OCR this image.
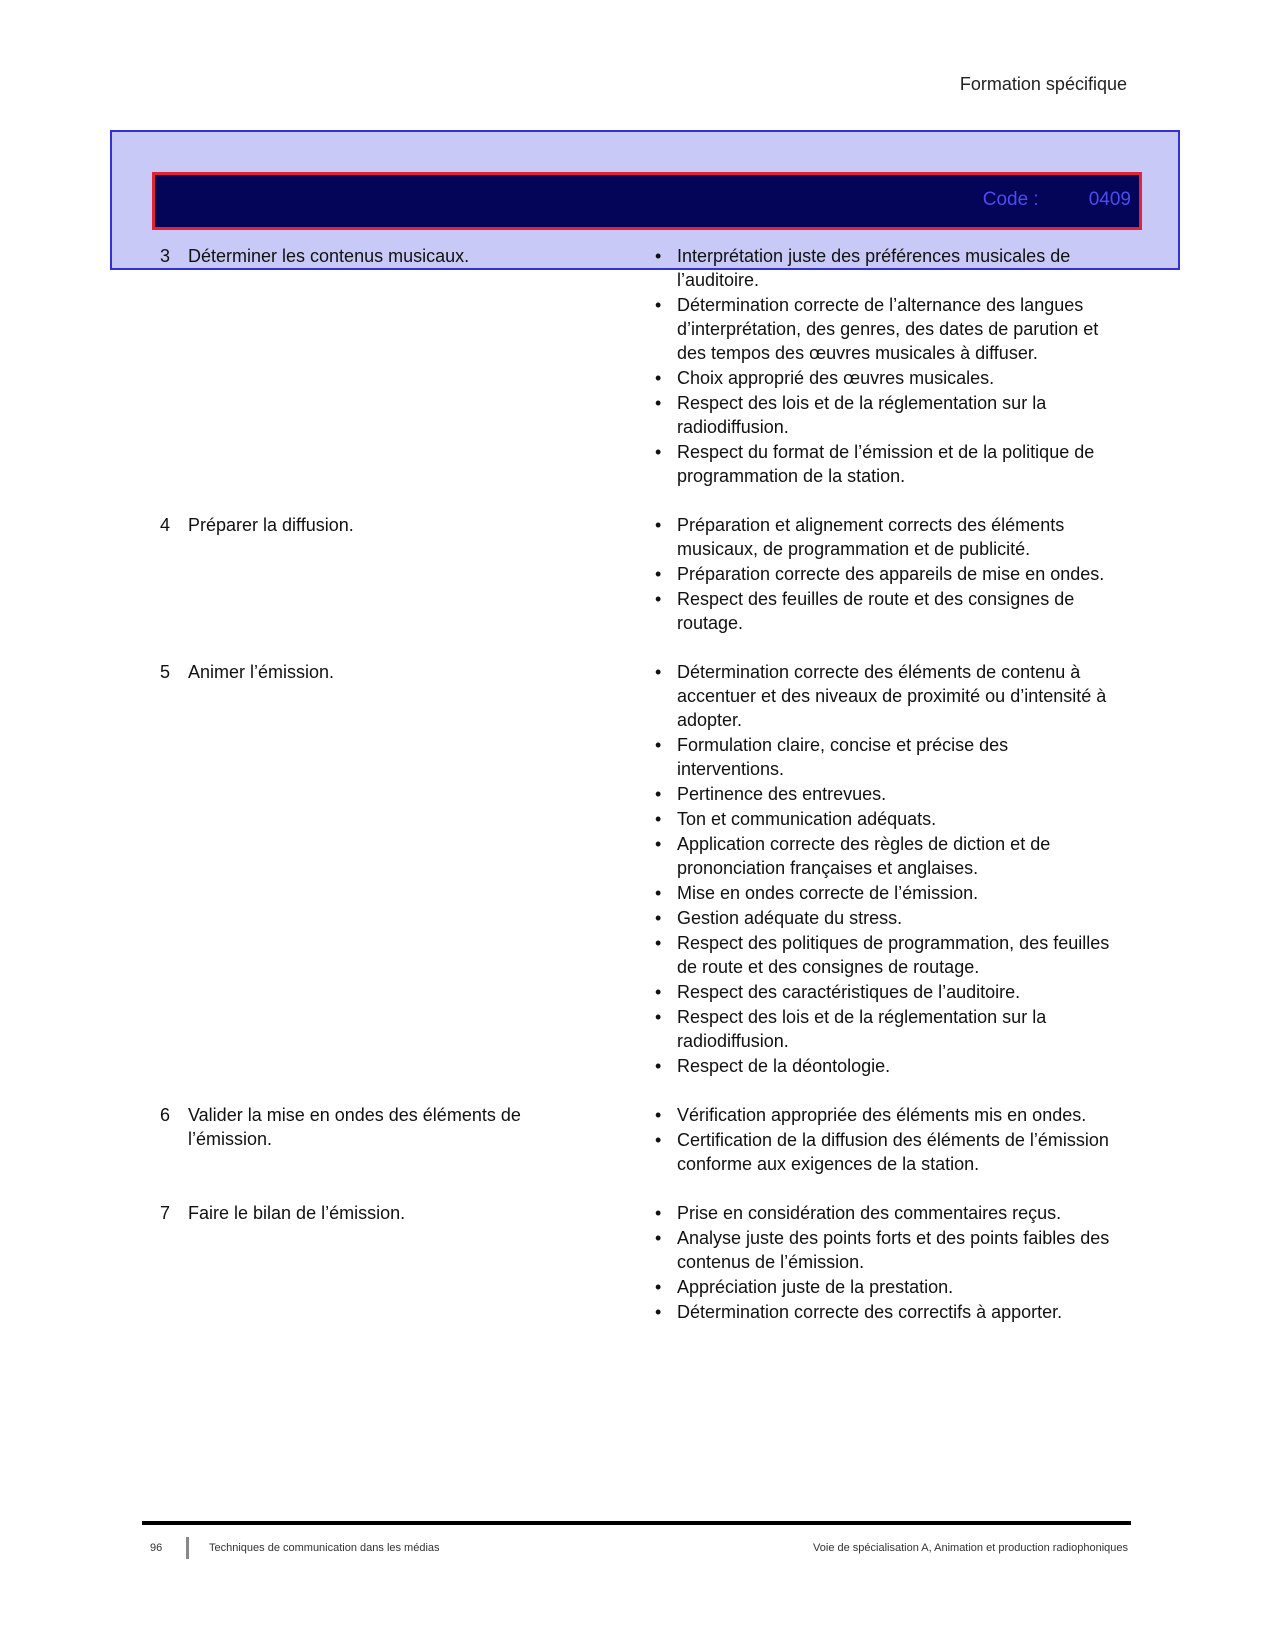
Formation spécifique
Code :	0409
3 Déterminer les contenus musicaux.	• Interprétation juste des préférences musicales de l’auditoire.
• Détermination correcte de l’alternance des langues d’interprétation, des genres, des dates de parution et des tempos des œuvres musicales à diffuser.
• Choix approprié des œuvres musicales.
• Respect des lois et de la réglementation sur la radiodiffusion.
• Respect du format de l’émission et de la politique de programmation de la station.
4 Préparer la diffusion.	• Préparation et alignement corrects des éléments musicaux, de programmation et de publicité.
• Préparation correcte des appareils de mise en ondes.
• Respect des feuilles de route et des consignes de routage.
5 Animer l’émission.	• Détermination correcte des éléments de contenu à accentuer et des niveaux de proximité ou d’intensité à adopter.
• Formulation claire, concise et précise des interventions.
• Pertinence des entrevues.
• Ton et communication adéquats.
• Application correcte des règles de diction et de prononciation françaises et anglaises.
• Mise en ondes correcte de l’émission.
• Gestion adéquate du stress.
• Respect des politiques de programmation, des feuilles de route et des consignes de routage.
• Respect des caractéristiques de l’auditoire.
• Respect des lois et de la réglementation sur la radiodiffusion.
• Respect de la déontologie.
6 Valider la mise en ondes des éléments de l’émission.
• Vérification appropriée des éléments mis en ondes.
• Certification de la diffusion des éléments de l’émission conforme aux exigences de la station.
7 Faire le bilan de l’émission.	• Prise en considération des commentaires reçus.
• Analyse juste des points forts et des points faibles des contenus de l’émission.
• Appréciation juste de la prestation.
• Détermination correcte des correctifs à apporter.
96	Techniques de communication dans les médias	Voie de spécialisation A, Animation et production radiophoniques
